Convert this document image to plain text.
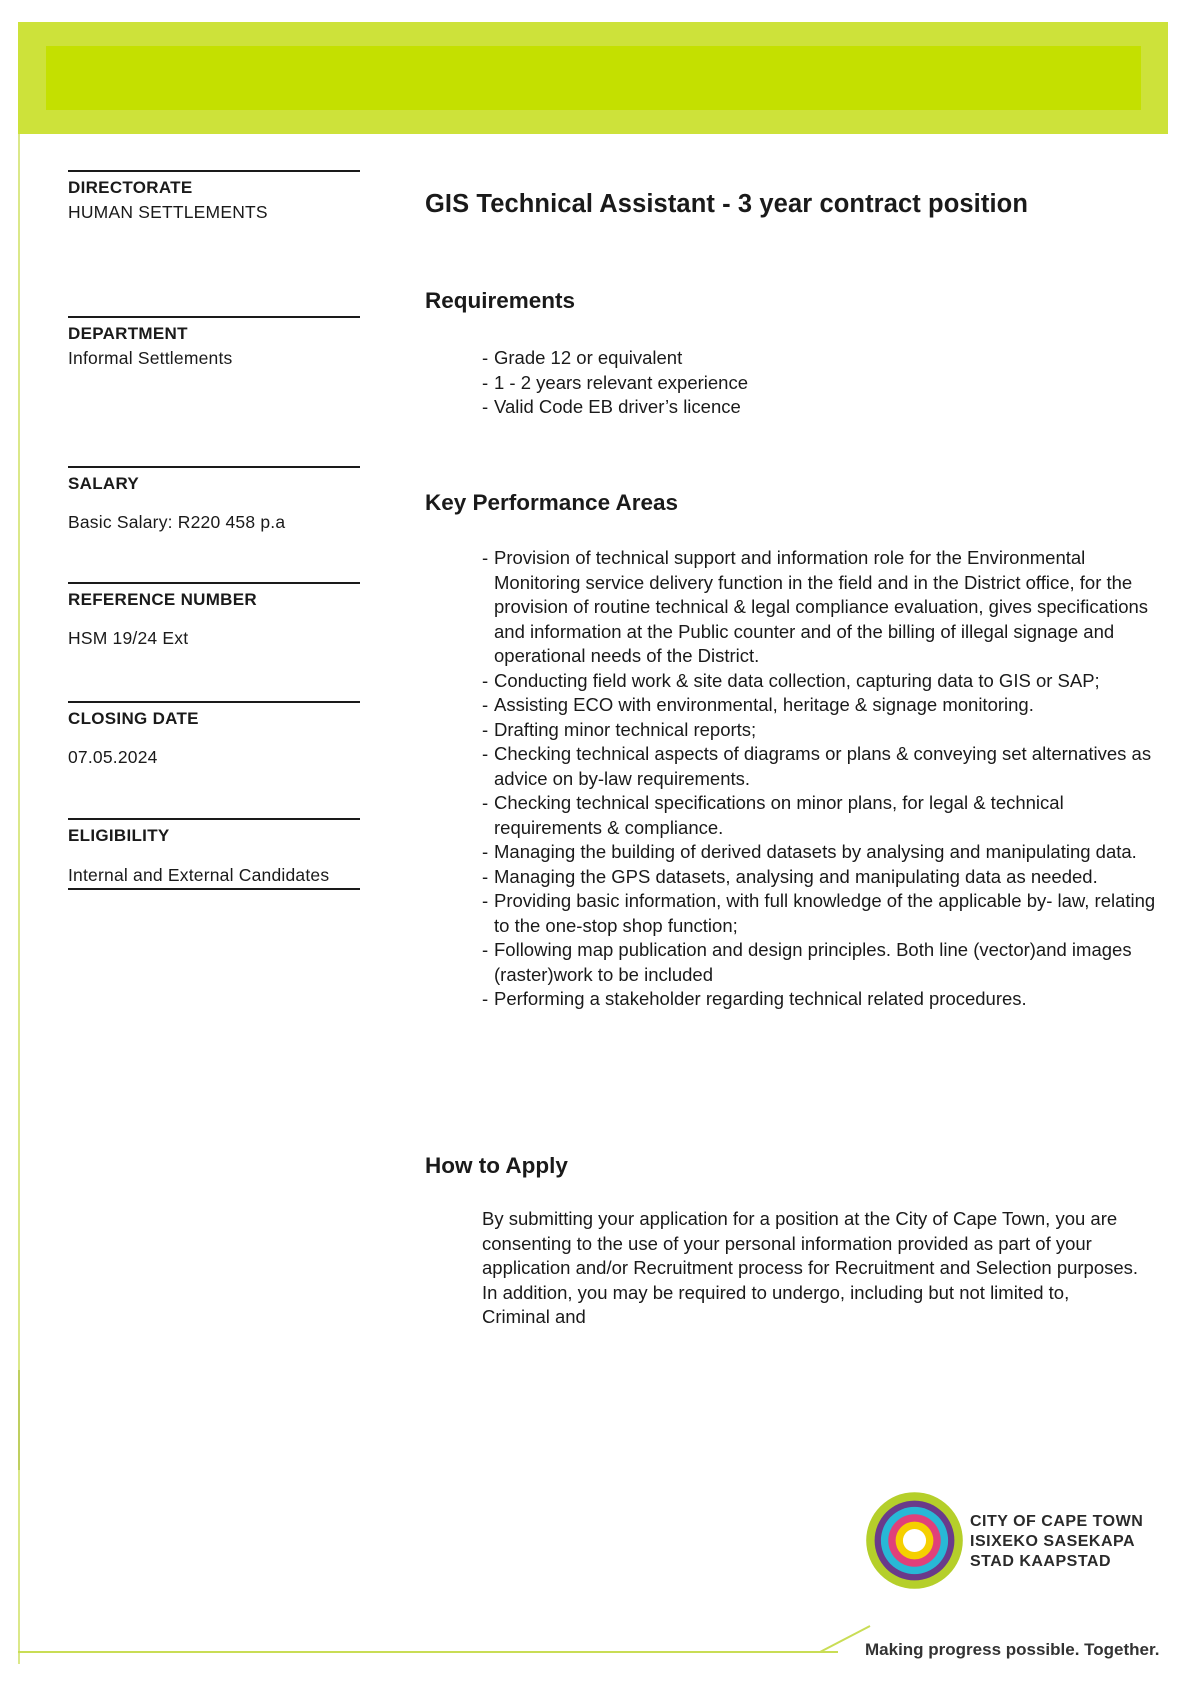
DIRECTORATE
HUMAN SETTLEMENTS
DEPARTMENT
Informal Settlements
SALARY
Basic Salary: R220 458 p.a
REFERENCE NUMBER
HSM 19/24 Ext
CLOSING DATE
07.05.2024
ELIGIBILITY
Internal and External Candidates
GIS Technical Assistant - 3 year contract position
Requirements
- Grade 12 or equivalent
- 1 - 2 years relevant experience
- Valid Code EB driver’s licence
Key Performance Areas
- Provision of technical support and information role for the Environmental Monitoring service delivery function in the field and in the District office, for the provision of routine technical & legal compliance evaluation, gives specifications and information at the Public counter and of the billing of illegal signage and operational needs of the District.
- Conducting field work & site data collection, capturing data to GIS or SAP;
- Assisting ECO with environmental, heritage & signage monitoring.
- Drafting minor technical reports;
- Checking technical aspects of diagrams or plans & conveying set alternatives as advice on by-law requirements.
- Checking technical specifications on minor plans, for legal & technical requirements & compliance.
- Managing the building of derived datasets by analysing and manipulating data.
- Managing the GPS datasets, analysing and manipulating data as needed.
- Providing basic information, with full knowledge of the applicable by- law, relating to the one-stop shop function;
- Following map publication and design principles. Both line (vector)and images (raster)work to be included
- Performing a stakeholder regarding technical related procedures.
How to Apply

By submitting your application for a position at the City of Cape Town, you are consenting to the use of your personal information provided as part of your application and/or Recruitment process for Recruitment and Selection purposes. In addition, you may be required to undergo, including but not limited to, Criminal and

CITY OF CAPE TOWN
ISIXEKO SASEKAPA
STAD KAAPSTAD
Making progress possible. Together.
